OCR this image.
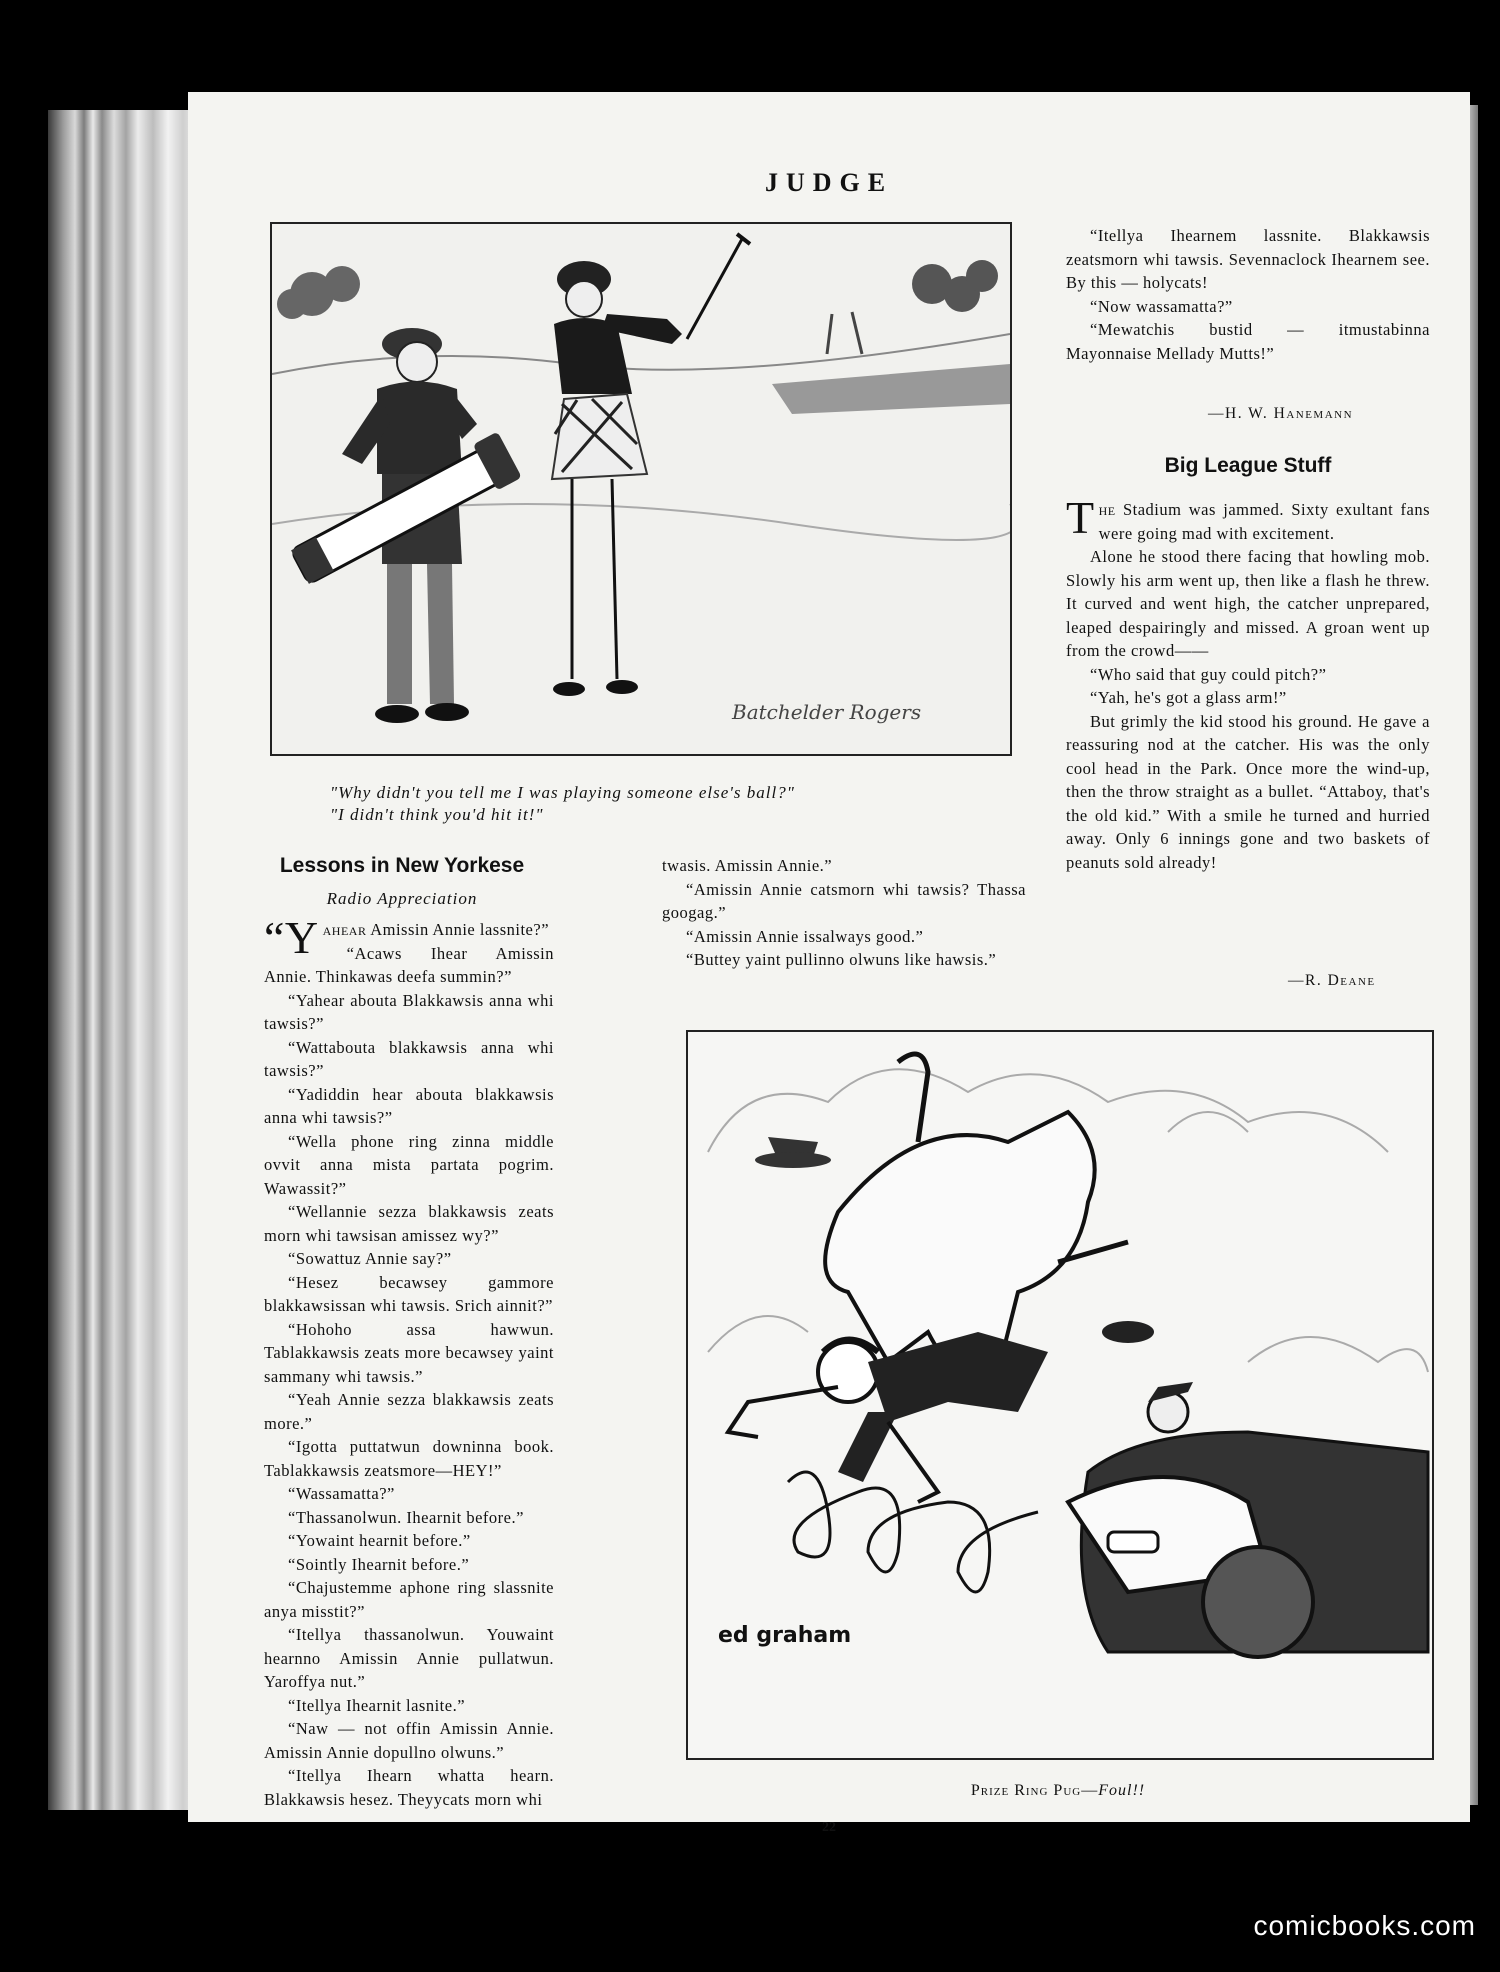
JUDGE
Batchelder Rogers
"Why didn't you tell me I was playing someone else's ball?"
"I didn't think you'd hit it!"

“Itellya Ihearnem lassnite. Blakkawsis zeatsmorn whi tawsis. Sevennaclock Ihearnem see. By this — holycats!

“Now wassamatta?”

“Mewatchis bustid — itmustabinna Mayonnaise Mellady Mutts!”

—H. W. Hanemann
Big League Stuff

The Stadium was jammed. Sixty exultant fans were going mad with excitement.

Alone he stood there facing that howling mob. Slowly his arm went up, then like a flash he threw. It curved and went high, the catcher unprepared, leaped despairingly and missed. A groan went up from the crowd——

“Who said that guy could pitch?”

“Yah, he's got a glass arm!”

But grimly the kid stood his ground. He gave a reassuring nod at the catcher. His was the only cool head in the Park. Once more the wind-up, then the throw straight as a bullet. “Attaboy, that's the old kid.” With a smile he turned and hurried away. Only 6 innings gone and two baskets of peanuts sold already!

—R. Deane
Lessons in New Yorkese
Radio Appreciation

“Yahear Amissin Annie lassnite?”

“Acaws Ihear Amissin Annie. Thinkawas deefa summin?”

“Yahear abouta Blakkawsis anna whi tawsis?”

“Wattabouta blakkawsis anna whi tawsis?”

“Yadiddin hear abouta blakkawsis anna whi tawsis?”

“Wella phone ring zinna middle ovvit anna mista partata pogrim. Wawassit?”

“Wellannie sezza blakkawsis zeats morn whi tawsisan amissez wy?”

“Sowattuz Annie say?”

“Hesez becawsey gammore blakkawsissan whi tawsis. Srich ainnit?”

“Hohoho assa hawwun. Tablakkawsis zeats more becawsey yaint sammany whi tawsis.”

“Yeah Annie sezza blakkawsis zeats more.”

“Igotta puttatwun downinna book. Tablakkawsis zeatsmore—HEY!”

“Wassamatta?”

“Thassanolwun. Ihearnit before.”

“Yowaint hearnit before.”

“Sointly Ihearnit before.”

“Chajustemme aphone ring slassnite anya misstit?”

“Itellya thassanolwun. Youwaint hearnno Amissin Annie pullatwun. Yaroffya nut.”

“Itellya Ihearnit lasnite.”

“Naw — not offin Amissin Annie. Amissin Annie dopullno olwuns.”

“Itellya Ihearn whatta hearn. Blakkawsis hesez. Theyycats morn whi

twasis. Amissin Annie.”

“Amissin Annie catsmorn whi tawsis? Thassa googag.”

“Amissin Annie issalways good.”

“Buttey yaint pullinno olwuns like hawsis.”

ed graham
Prize Ring Pug—Foul!!
22
comicbooks.com
